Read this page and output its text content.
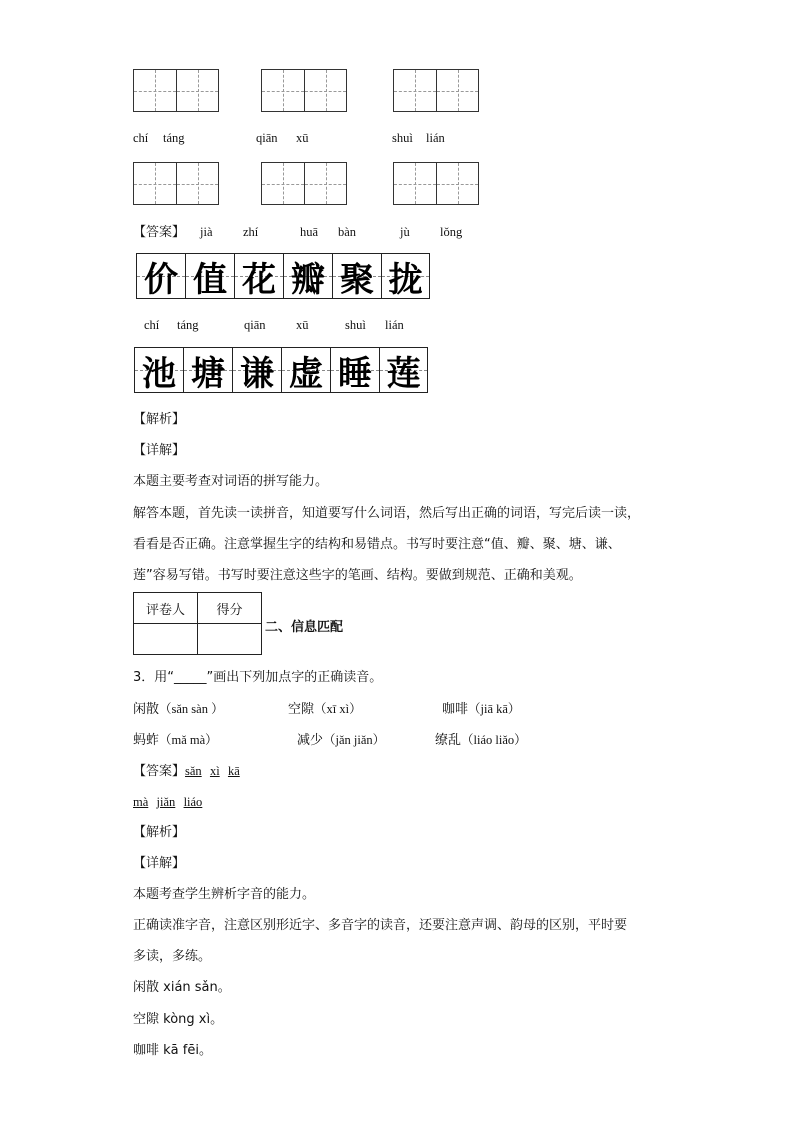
chí táng	qiān xū	shuì lián
【答案】 jià zhí	huā bàn	jù lǒng
价 值 花 瓣 聚 拢
chí táng	qiān xū	shuì lián
池 塘 谦 虚 睡 莲
【解析】
【详解】
本题主要考查对词语的拼写能力。
解答本题，首先读一读拼音，知道要写什么词语，然后写出正确的词语，写完后读一读，
看看是否正确。注意掌握生字的结构和易错点。书写时要注意“值、瓣、聚、塘、谦、
莲”容易写错。书写时要注意这些字的笔画、结构。要做到规范、正确和美观。
评卷人	得分

二、信息匹配
3．用“_____”画出下列加点字的正确读音。
闲散（sǎn sàn ）	空隙（xī xì）	咖啡（jiā kā）
蚂蚱（mǎ mà）	减少（jǎn jiǎn）	缭乱（liáo liǎo）
【答案】sǎn xì kā
mà jiǎn liáo
【解析】
【详解】
本题考查学生辨析字音的能力。
正确读准字音，注意区别形近字、多音字的读音，还要注意声调、韵母的区别，平时要
多读，多练。
闲散 xián sǎn。
空隙 kòng xì。
咖啡 kā fēi。
